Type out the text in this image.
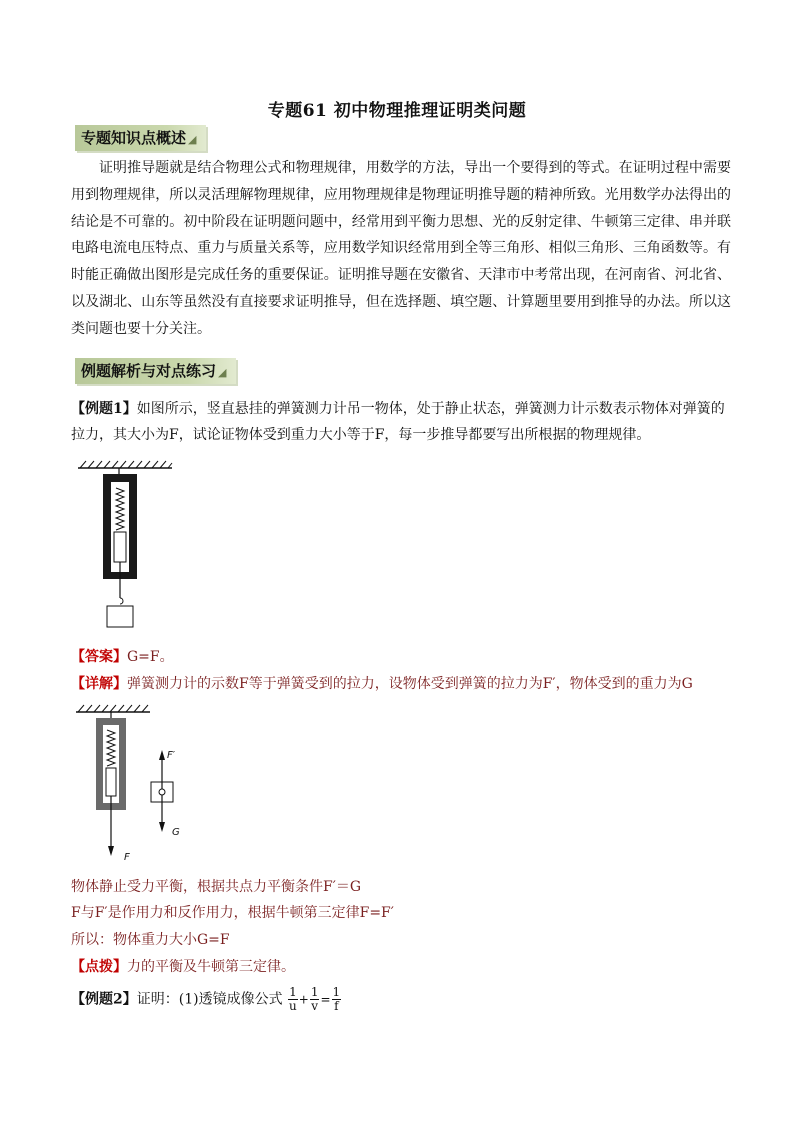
专题61 初中物理推理证明类问题
专题知识点概述 ◢
证明推导题就是结合物理公式和物理规律，用数学的方法，导出一个要得到的等式。在证明过程中需要用到物理规律，所以灵活理解物理规律，应用物理规律是物理证明推导题的精神所致。光用数学办法得出的结论是不可靠的。初中阶段在证明题问题中，经常用到平衡力思想、光的反射定律、牛顿第三定律、串并联电路电流电压特点、重力与质量关系等，应用数学知识经常用到全等三角形、相似三角形、三角函数等。有时能正确做出图形是完成任务的重要保证。证明推导题在安徽省、天津市中考常出现，在河南省、河北省、以及湖北、山东等虽然没有直接要求证明推导，但在选择题、填空题、计算题里要用到推导的办法。所以这类问题也要十分关注。
例题解析与对点练习 ◢
【例题1】如图所示，竖直悬挂的弹簧测力计吊一物体，处于静止状态，弹簧测力计示数表示物体对弹簧的拉力，其大小为F，试论证物体受到重力大小等于F，每一步推导都要写出所根据的物理规律。
【答案】G=F。
【详解】弹簧测力计的示数F等于弹簧受到的拉力，设物体受到弹簧的拉力为F′，物体受到的重力为G
F
F′
G
物体静止受力平衡，根据共点力平衡条件F′＝G
F与F′是作用力和反作用力，根据牛顿第三定律F=F′
所以：物体重力大小G=F
【点拨】力的平衡及牛顿第三定律。
【例题2】证明：(1)透镜成像公式 $\frac{1}{u} + \frac{1}{v} = \frac{1}{f}$
